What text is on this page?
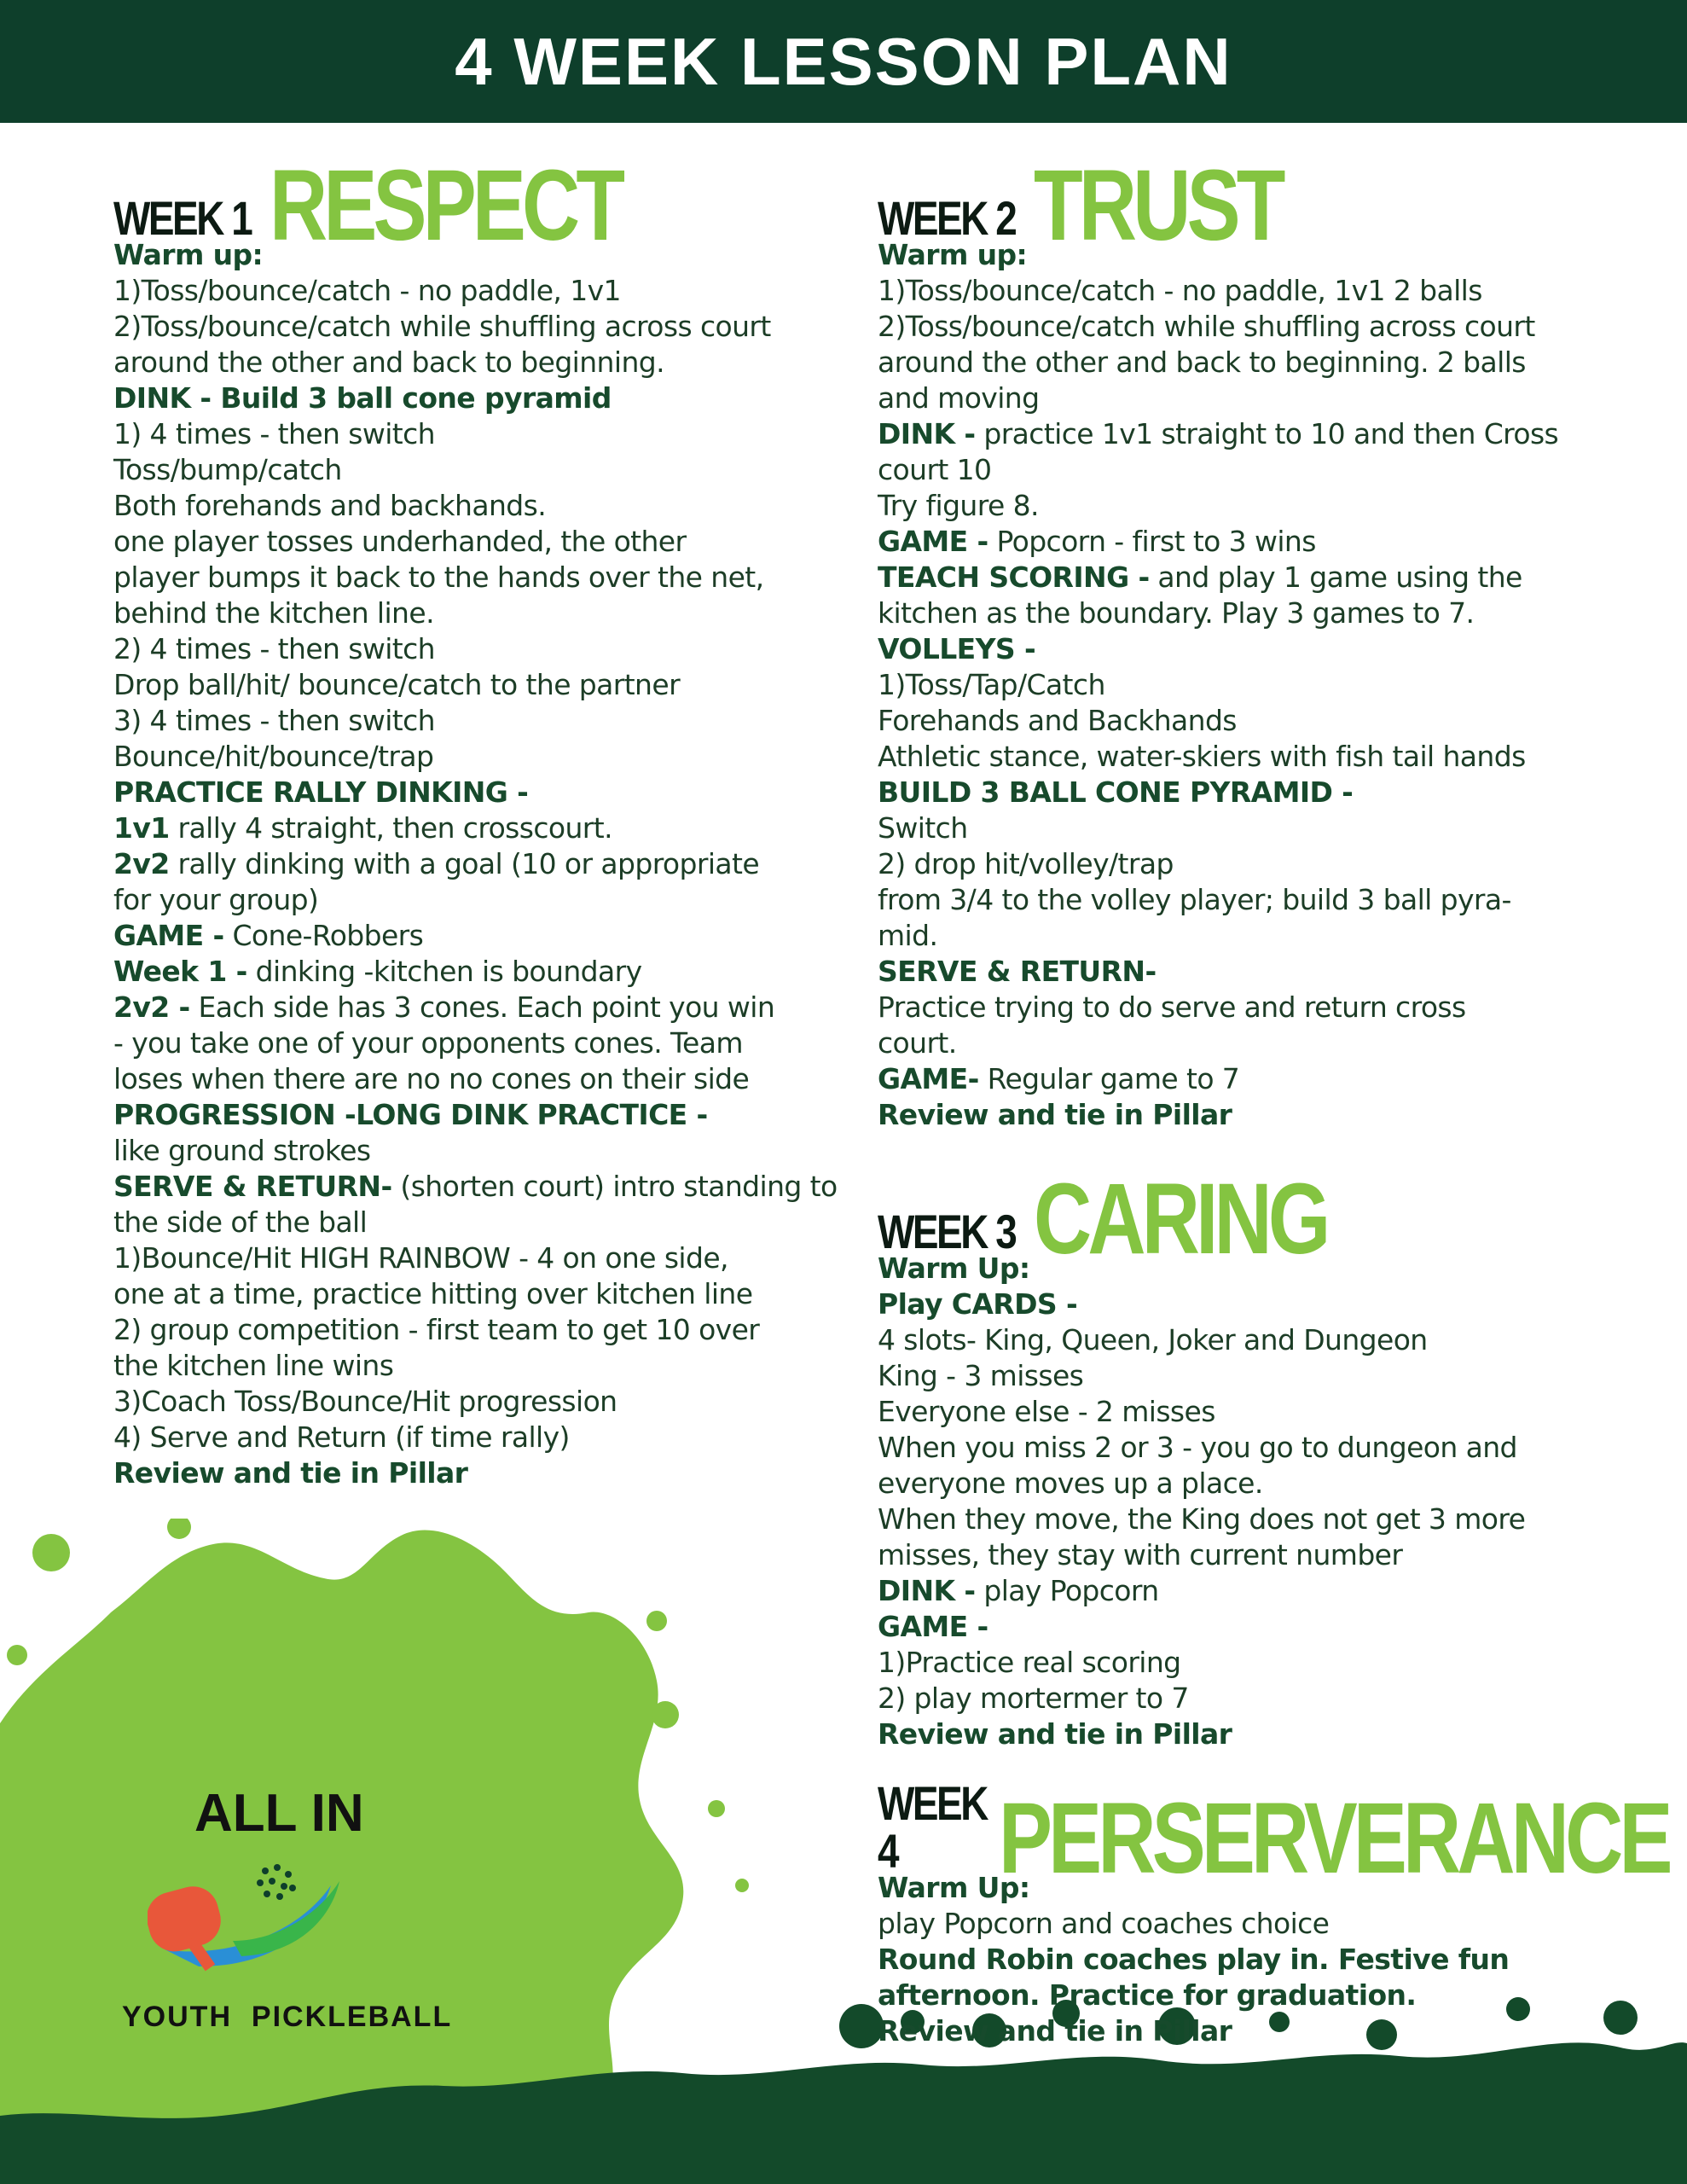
4 WEEK LESSON PLAN
ALL IN
YOUTH  PICKLEBALL
WEEK 1 RESPECT
Warm up:
1)Toss/bounce/catch - no paddle, 1v1
2)Toss/bounce/catch while shuffling across court
around the other and back to beginning.
DINK - Build 3 ball cone pyramid
1) 4 times - then switch
Toss/bump/catch
Both forehands and backhands.
one player tosses underhanded, the other
player bumps it back to the hands over the net,
behind the kitchen line.
2) 4 times - then switch
Drop ball/hit/ bounce/catch to the partner
3) 4 times - then switch
Bounce/hit/bounce/trap
PRACTICE RALLY DINKING -
1v1 rally 4 straight, then crosscourt.
2v2 rally dinking with a goal (10 or appropriate
for your group)
GAME - Cone-Robbers
Week 1 - dinking -kitchen is boundary
2v2 - Each side has 3 cones. Each point you win
- you take one of your opponents cones. Team
loses when there are no no cones on their side
PROGRESSION -LONG DINK PRACTICE -
like ground strokes
SERVE & RETURN- (shorten court) intro standing to
the side of the ball
1)Bounce/Hit HIGH RAINBOW - 4 on one side,
one at a time, practice hitting over kitchen line
2) group competition - first team to get 10 over
the kitchen line wins
3)Coach Toss/Bounce/Hit progression
4) Serve and Return (if time rally)
Review and tie in Pillar
WEEK 2 TRUST
Warm up:
1)Toss/bounce/catch - no paddle, 1v1 2 balls
2)Toss/bounce/catch while shuffling across court
around the other and back to beginning. 2 balls
and moving
DINK - practice 1v1 straight to 10 and then Cross
court 10
Try figure 8.
GAME - Popcorn - first to 3 wins
TEACH SCORING - and play 1 game using the
kitchen as the boundary. Play 3 games to 7.
VOLLEYS -
1)Toss/Tap/Catch
Forehands and Backhands
Athletic stance, water-skiers with fish tail hands
BUILD 3 BALL CONE PYRAMID -
Switch
2) drop hit/volley/trap
from 3/4 to the volley player; build 3 ball pyra-
mid.
SERVE & RETURN-
Practice trying to do serve and return cross
court.
GAME- Regular game to 7
Review and tie in Pillar
WEEK 3 CARING
Warm Up:
Play CARDS -
4 slots- King, Queen, Joker and Dungeon
King - 3 misses
Everyone else - 2 misses
When you miss 2 or 3 - you go to dungeon and
everyone moves up a place.
When they move, the King does not get 3 more
misses, they stay with current number
DINK - play Popcorn
GAME -
1)Practice real scoring
2) play mortermer to 7
Review and tie in Pillar
WEEK 4	PERSERVERANCE
Warm Up:
play Popcorn and coaches choice
Round Robin coaches play in. Festive fun
afternoon. Practice for graduation.
Review and tie in Pillar
